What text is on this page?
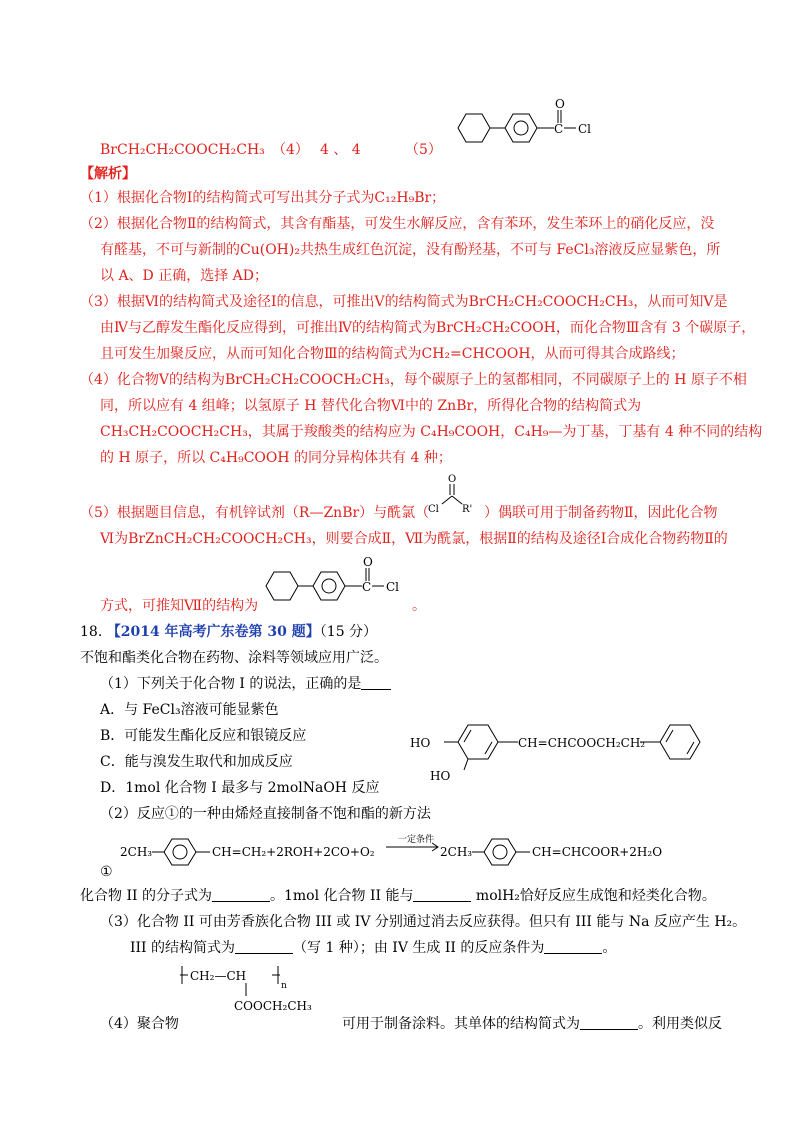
BrCH₂CH₂COOCH₂CH₃ （4） 4 、 4	（5）
O
C Cl
【解析】
（1）根据化合物Ⅰ的结构简式可写出其分子式为C₁₂H₉Br；
（2）根据化合物Ⅱ的结构简式，其含有酯基，可发生水解反应，含有苯环，发生苯环上的硝化反应，没
有醛基，不可与新制的Cu(OH)₂共热生成红色沉淀，没有酚羟基，不可与 FeCl₃溶液反应显紫色，所
以 A、D 正确，选择 AD；
（3）根据Ⅵ的结构简式及途径Ⅰ的信息，可推出Ⅴ的结构简式为BrCH₂CH₂COOCH₂CH₃，从而可知Ⅴ是
由Ⅳ与乙醇发生酯化反应得到，可推出Ⅳ的结构简式为BrCH₂CH₂COOH，而化合物Ⅲ含有 3 个碳原子，
且可发生加聚反应，从而可知化合物Ⅲ的结构简式为CH₂=CHCOOH，从而可得其合成路线；
（4）化合物Ⅴ的结构为BrCH₂CH₂COOCH₂CH₃，每个碳原子上的氢都相同，不同碳原子上的 H 原子不相
同，所以应有 4 组峰；以氢原子 H 替代化合物Ⅵ中的 ZnBr，所得化合物的结构简式为
CH₃CH₂COOCH₂CH₃，其属于羧酸类的结构应为 C₄H₉COOH，C₄H₉—为丁基，丁基有 4 种不同的结构
的 H 原子，所以 C₄H₉COOH 的同分异构体共有 4 种；
（5）根据题目信息，有机锌试剂（R—ZnBr）与酰氯（
O
Cl R' ）偶联可用于制备药物Ⅱ，因此化合物
Ⅵ为BrZnCH₂CH₂COOCH₂CH₃，则要合成Ⅱ，Ⅶ为酰氯，根据Ⅱ的结构及途径Ⅰ合成化合物药物Ⅱ的
方式，可推知Ⅶ的结构为
O
C Cl
。
18. 【2014 年高考广东卷第 30 题】（15 分）
不饱和酯类化合物在药物、涂料等领域应用广泛。
（1）下列关于化合物 I 的说法，正确的是
A．与 FeCl₃溶液可能显紫色
B．可能发生酯化反应和银镜反应
C．能与溴发生取代和加成反应
D．1mol 化合物 I 最多与 2molNaOH 反应
HO
HO
CH=CHCOOCH₂CH₂
（2）反应①的一种由烯烃直接制备不饱和酯的新方法
2CH₃	CH=CH₂+2ROH+2CO+O₂
一定条件
2CH₃	CH=CHCOOR+2H₂O
①
化合物 II 的分子式为	。1mol 化合物 II 能与	molH₂恰好反应生成饱和烃类化合物。
（3）化合物 II 可由芳香族化合物 III 或 IV 分别通过消去反应获得。但只有 III 能与 Na 反应产生 H₂。
III 的结构简式为	（写 1 种）；由 IV 生成 II 的反应条件为	。
CH₂—CH
n
COOCH₂CH₃
（4）聚合物	可用于制备涂料。其单体的结构简式为	。利用类似反
